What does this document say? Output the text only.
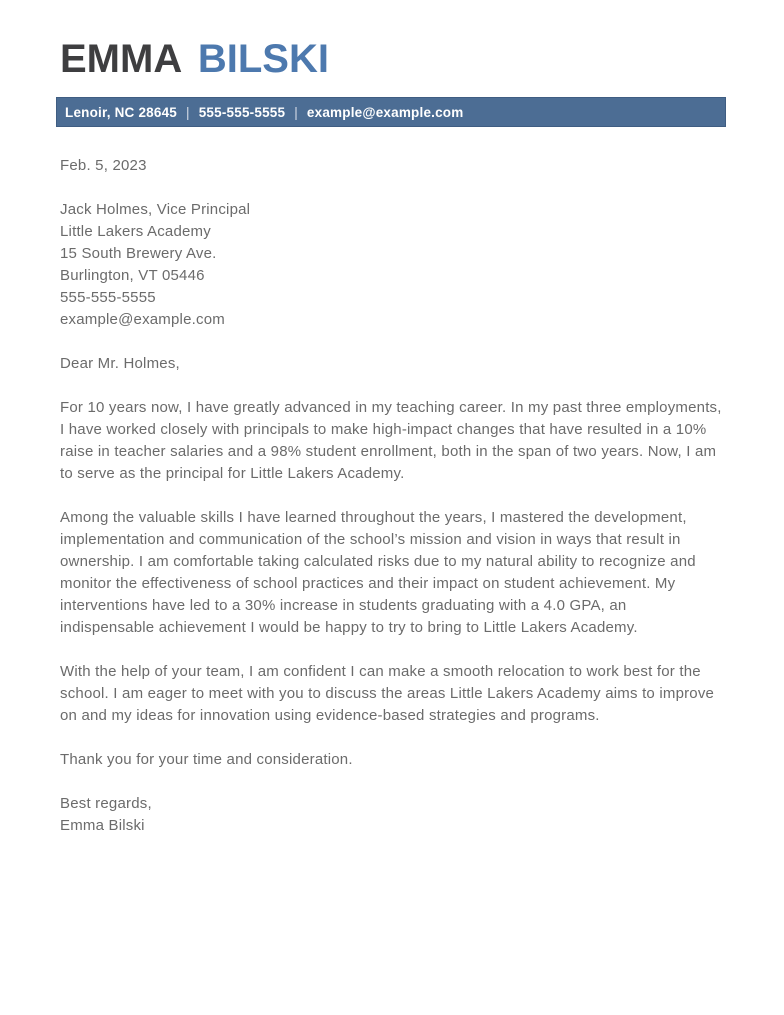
EMMA BILSKI
Lenoir, NC 28645 | 555-555-5555 | example@example.com
Feb. 5, 2023
Jack Holmes, Vice Principal
Little Lakers Academy
15 South Brewery Ave.
Burlington, VT 05446
555-555-5555
example@example.com
Dear Mr. Holmes,

For 10 years now, I have greatly advanced in my teaching career. In my past three employments, I have worked closely with principals to make high-impact changes that have resulted in a 10% raise in teacher salaries and a 98% student enrollment, both in the span of two years. Now, I am to serve as the principal for Little Lakers Academy.

Among the valuable skills I have learned throughout the years, I mastered the development, implementation and communication of the school’s mission and vision in ways that result in ownership. I am comfortable taking calculated risks due to my natural ability to recognize and monitor the effectiveness of school practices and their impact on student achievement. My interventions have led to a 30% increase in students graduating with a 4.0 GPA, an indispensable achievement I would be happy to try to bring to Little Lakers Academy.

With the help of your team, I am confident I can make a smooth relocation to work best for the school. I am eager to meet with you to discuss the areas Little Lakers Academy aims to improve on and my ideas for innovation using evidence-based strategies and programs.

Thank you for your time and consideration.
Best regards,
Emma Bilski
